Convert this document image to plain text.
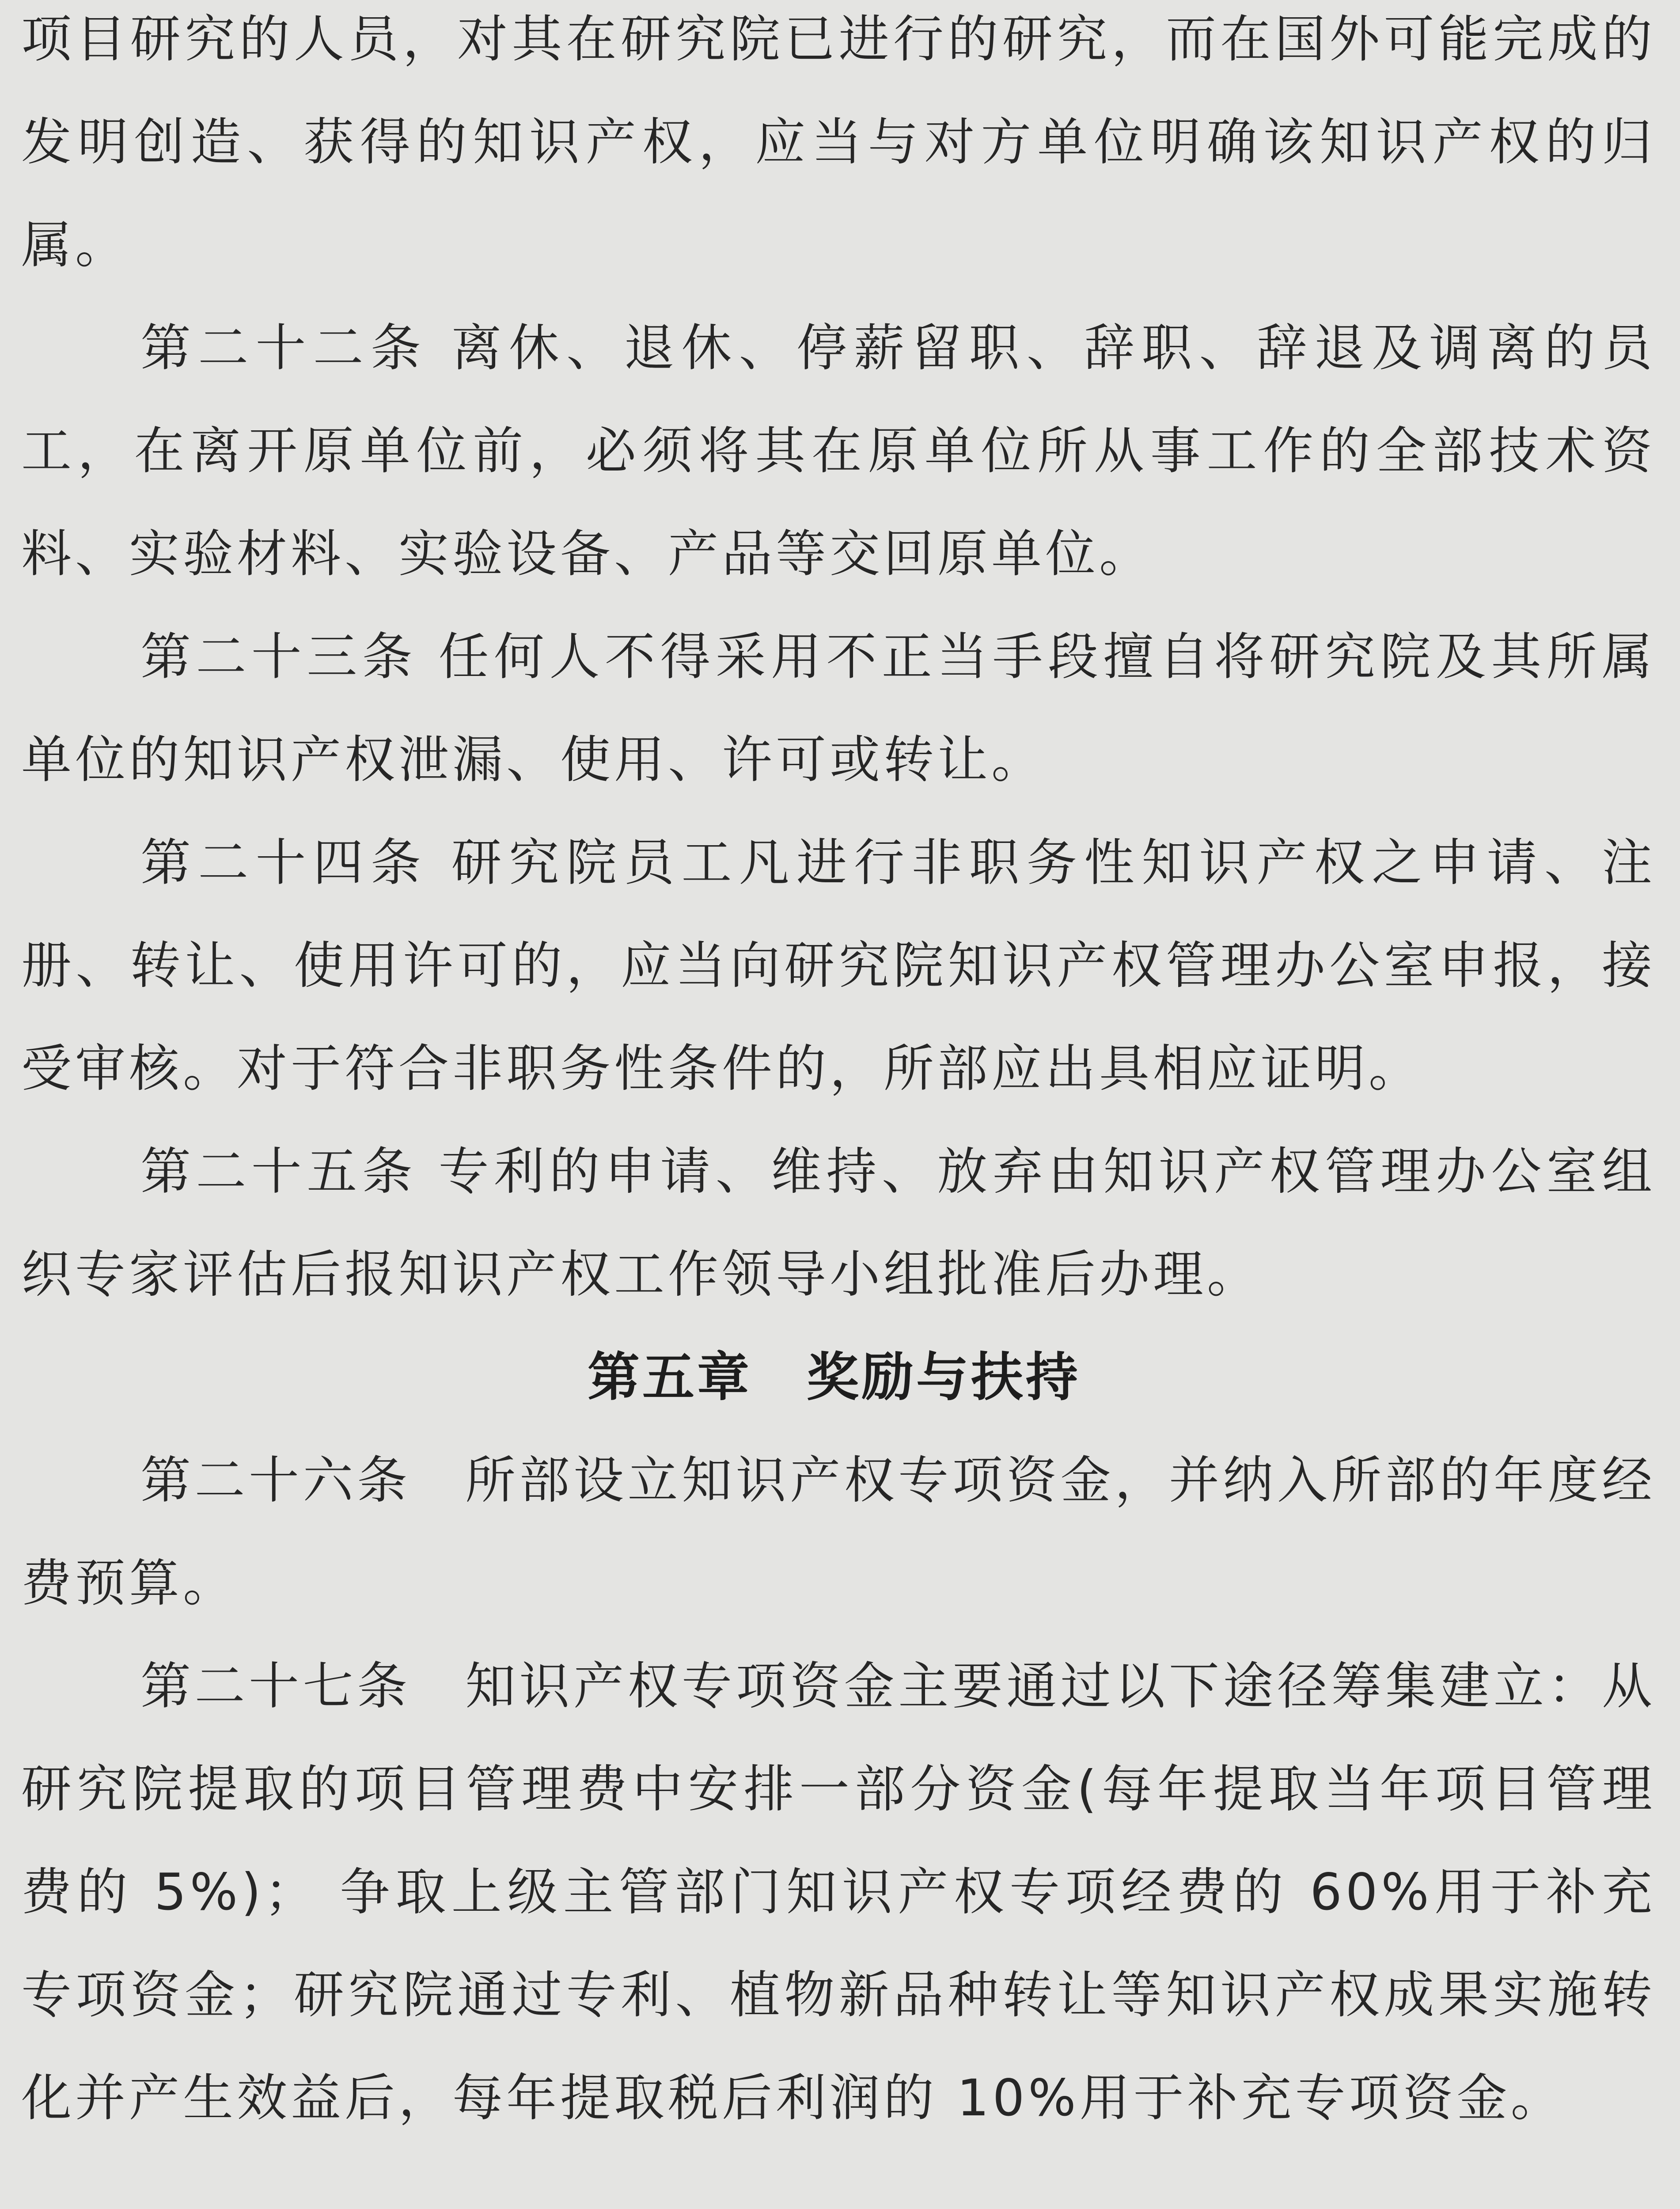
项目研究的人员，对其在研究院已进行的研究，而在国外可能完成的发明创造、获得的知识产权，应当与对方单位明确该知识产权的归属。

第二十二条 离休、退休、停薪留职、辞职、辞退及调离的员工，在离开原单位前，必须将其在原单位所从事工作的全部技术资料、实验材料、实验设备、产品等交回原单位。

第二十三条 任何人不得采用不正当手段擅自将研究院及其所属单位的知识产权泄漏、使用、许可或转让。

第二十四条 研究院员工凡进行非职务性知识产权之申请、注册、转让、使用许可的，应当向研究院知识产权管理办公室申报，接受审核。对于符合非职务性条件的，所部应出具相应证明。

第二十五条 专利的申请、维持、放弃由知识产权管理办公室组织专家评估后报知识产权工作领导小组批准后办理。

第五章　奖励与扶持

第二十六条　所部设立知识产权专项资金，并纳入所部的年度经费预算。

第二十七条　知识产权专项资金主要通过以下途径筹集建立：从研究院提取的项目管理费中安排一部分资金(每年提取当年项目管理费的 5%)； 争取上级主管部门知识产权专项经费的 60%用于补充专项资金；研究院通过专利、植物新品种转让等知识产权成果实施转化并产生效益后，每年提取税后利润的 10%用于补充专项资金。
